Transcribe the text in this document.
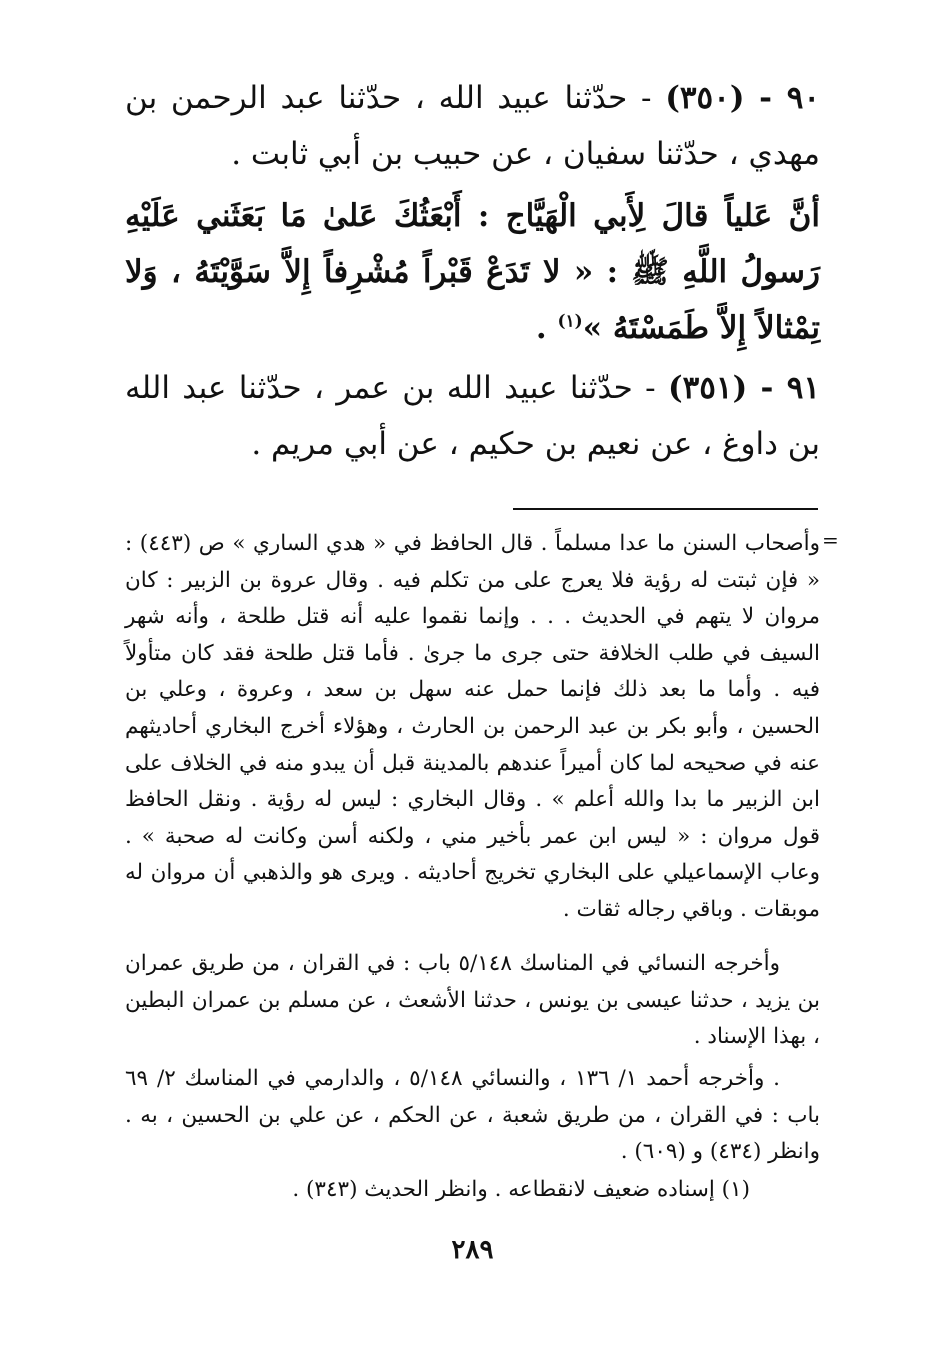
٩٠ - (٣٥٠) - حدّثنا عبيد الله ، حدّثنا عبد الرحمن بن مهدي ، حدّثنا سفيان ، عن حبيب بن أبي ثابت .

أنَّ عَلياً قالَ لِأَبي الْهَيَّاج : أَبْعَثُكَ عَلىٰ مَا بَعَثَني عَلَيْهِ رَسولُ اللَّهِ ﷺ : « لا تَدَعْ قَبْراً مُشْرِفاً إِلاَّ سَوَّيْتَهُ ، وَلا تِمْثالاً إِلاَّ طَمَسْتَهُ »$^{(١)}$ .

٩١ - (٣٥١) - حدّثنا عبيد الله بن عمر ، حدّثنا عبد الله بن داوغ ، عن نعيم بن حكيم ، عن أبي مريم .

=

وأصحاب السنن ما عدا مسلماً . قال الحافظ في « هدي الساري » ص (٤٤٣) : « فإن ثبتت له رؤية فلا يعرج على من تكلم فيه . وقال عروة بن الزبير : كان مروان لا يتهم في الحديث . . . وإنما نقموا عليه أنه قتل طلحة ، وأنه شهر السيف في طلب الخلافة حتى جرى ما جرىٰ . فأما قتل طلحة فقد كان متأولاً فيه . وأما ما بعد ذلك فإنما حمل عنه سهل بن سعد ، وعروة ، وعلي بن الحسين ، وأبو بكر بن عبد الرحمن بن الحارث ، وهؤلاء أخرج البخاري أحاديثهم عنه في صحيحه لما كان أميراً عندهم بالمدينة قبل أن يبدو منه في الخلاف على ابن الزبير ما بدا والله أعلم » . وقال البخاري : ليس له رؤية . ونقل الحافظ قول مروان : « ليس ابن عمر بأخير مني ، ولكنه أسن وكانت له صحبة » . وعاب الإسماعيلي على البخاري تخريج أحاديثه . ويرى هو والذهبي أن مروان له موبقات . وباقي رجاله ثقات .

وأخرجه النسائي في المناسك ٥/١٤٨ باب : في القران ، من طريق عمران بن يزيد ، حدثنا عيسى بن يونس ، حدثنا الأشعث ، عن مسلم بن عمران البطين ، بهذا الإسناد .

. وأخرجه أحمد ١/ ١٣٦ ، والنسائي ٥/١٤٨ ، والدارمي في المناسك ٢/ ٦٩ باب : في القران ، من طريق شعبة ، عن الحكم ، عن علي بن الحسين ، به . وانظر (٤٣٤) و (٦٠٩) .

(١) إسناده ضعيف لانقطاعه . وانظر الحديث (٣٤٣) .

٢٨٩
